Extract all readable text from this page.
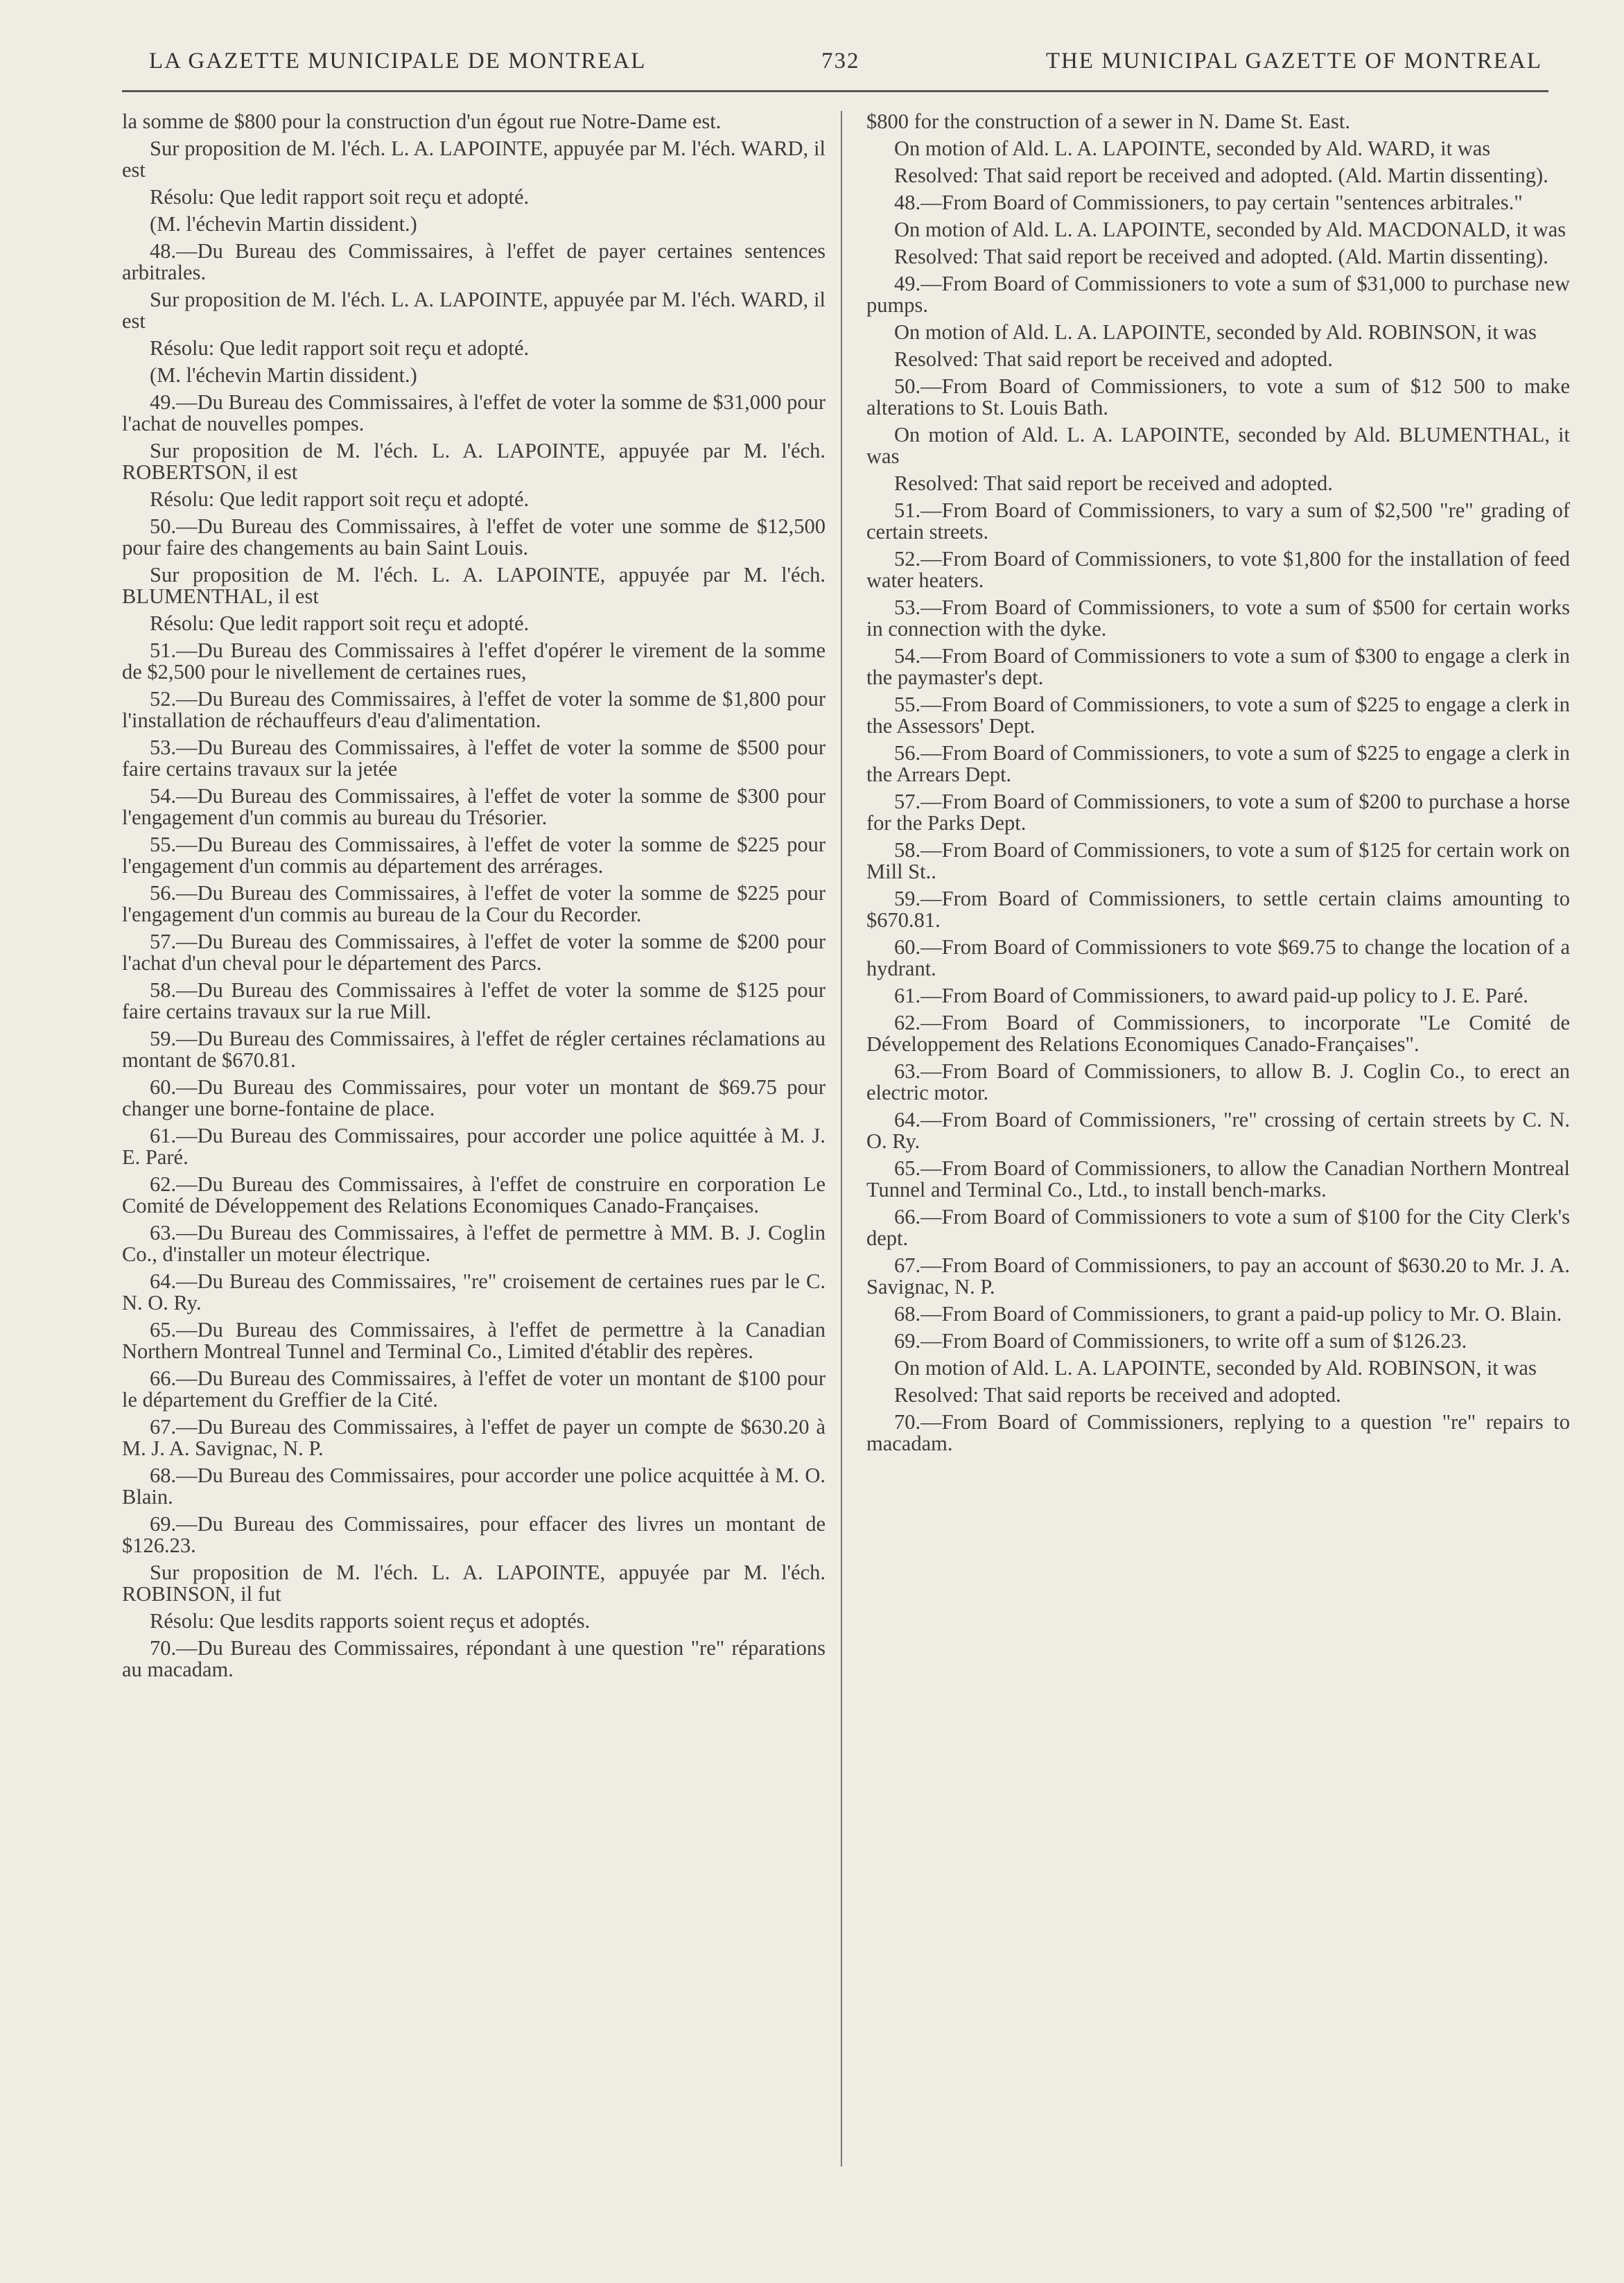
LA GAZETTE MUNICIPALE DE MONTREAL	732	THE MUNICIPAL GAZETTE OF MONTREAL

la somme de $800 pour la construction d'un égout rue Notre-Dame est.

Sur proposition de M. l'éch. L. A. LAPOINTE, appuyée par M. l'éch. WARD, il est

Résolu: Que ledit rapport soit reçu et adopté.

(M. l'échevin Martin dissident.)

48.—Du Bureau des Commissaires, à l'effet de payer certaines sentences arbitrales.

Sur proposition de M. l'éch. L. A. LAPOINTE, appuyée par M. l'éch. WARD, il est

Résolu: Que ledit rapport soit reçu et adopté.

(M. l'échevin Martin dissident.)

49.—Du Bureau des Commissaires, à l'effet de voter la somme de $31,000 pour l'achat de nouvelles pompes.

Sur proposition de M. l'éch. L. A. LAPOINTE, appuyée par M. l'éch. ROBERTSON, il est

Résolu: Que ledit rapport soit reçu et adopté.

50.—Du Bureau des Commissaires, à l'effet de voter une somme de $12,500 pour faire des changements au bain Saint Louis.

Sur proposition de M. l'éch. L. A. LAPOINTE, appuyée par M. l'éch. BLUMENTHAL, il est

Résolu: Que ledit rapport soit reçu et adopté.

51.—Du Bureau des Commissaires à l'effet d'opérer le virement de la somme de $2,500 pour le nivellement de certaines rues,

52.—Du Bureau des Commissaires, à l'effet de voter la somme de $1,800 pour l'installation de réchauffeurs d'eau d'alimentation.

53.—Du Bureau des Commissaires, à l'effet de voter la somme de $500 pour faire certains travaux sur la jetée

54.—Du Bureau des Commissaires, à l'effet de voter la somme de $300 pour l'engagement d'un commis au bureau du Trésorier.

55.—Du Bureau des Commissaires, à l'effet de voter la somme de $225 pour l'engagement d'un commis au département des arrérages.

56.—Du Bureau des Commissaires, à l'effet de voter la somme de $225 pour l'engagement d'un commis au bureau de la Cour du Recorder.

57.—Du Bureau des Commissaires, à l'effet de voter la somme de $200 pour l'achat d'un cheval pour le département des Parcs.

58.—Du Bureau des Commissaires à l'effet de voter la somme de $125 pour faire certains travaux sur la rue Mill.

59.—Du Bureau des Commissaires, à l'effet de régler certaines réclamations au montant de $670.81.

60.—Du Bureau des Commissaires, pour voter un montant de $69.75 pour changer une borne-fontaine de place.

61.—Du Bureau des Commissaires, pour accorder une police aquittée à M. J. E. Paré.

62.—Du Bureau des Commissaires, à l'effet de construire en corporation Le Comité de Développement des Relations Economiques Canado-Françaises.

63.—Du Bureau des Commissaires, à l'effet de permettre à MM. B. J. Coglin Co., d'installer un moteur électrique.

64.—Du Bureau des Commissaires, "re" croisement de certaines rues par le C. N. O. Ry.

65.—Du Bureau des Commissaires, à l'effet de permettre à la Canadian Northern Montreal Tunnel and Terminal Co., Limited d'établir des repères.

66.—Du Bureau des Commissaires, à l'effet de voter un montant de $100 pour le département du Greffier de la Cité.

67.—Du Bureau des Commissaires, à l'effet de payer un compte de $630.20 à M. J. A. Savignac, N. P.

68.—Du Bureau des Commissaires, pour accorder une police acquittée à M. O. Blain.

69.—Du Bureau des Commissaires, pour effacer des livres un montant de $126.23.

Sur proposition de M. l'éch. L. A. LAPOINTE, appuyée par M. l'éch. ROBINSON, il fut

Résolu: Que lesdits rapports soient reçus et adoptés.

70.—Du Bureau des Commissaires, répondant à une question "re" réparations au macadam.

$800 for the construction of a sewer in N. Dame St. East.

On motion of Ald. L. A. LAPOINTE, seconded by Ald. WARD, it was

Resolved: That said report be received and adopted. (Ald. Martin dissenting).

48.—From Board of Commissioners, to pay certain "sentences arbitrales."

On motion of Ald. L. A. LAPOINTE, seconded by Ald. MACDONALD, it was

Resolved: That said report be received and adopted. (Ald. Martin dissenting).

49.—From Board of Commissioners to vote a sum of $31,000 to purchase new pumps.

On motion of Ald. L. A. LAPOINTE, seconded by Ald. ROBINSON, it was

Resolved: That said report be received and adopted.

50.—From Board of Commissioners, to vote a sum of $12 500 to make alterations to St. Louis Bath.

On motion of Ald. L. A. LAPOINTE, seconded by Ald. BLUMENTHAL, it was

Resolved: That said report be received and adopted.

51.—From Board of Commissioners, to vary a sum of $2,500 "re" grading of certain streets.

52.—From Board of Commissioners, to vote $1,800 for the installation of feed water heaters.

53.—From Board of Commissioners, to vote a sum of $500 for certain works in connection with the dyke.

54.—From Board of Commissioners to vote a sum of $300 to engage a clerk in the paymaster's dept.

55.—From Board of Commissioners, to vote a sum of $225 to engage a clerk in the Assessors' Dept.

56.—From Board of Commissioners, to vote a sum of $225 to engage a clerk in the Arrears Dept.

57.—From Board of Commissioners, to vote a sum of $200 to purchase a horse for the Parks Dept.

58.—From Board of Commissioners, to vote a sum of $125 for certain work on Mill St..

59.—From Board of Commissioners, to settle certain claims amounting to $670.81.

60.—From Board of Commissioners to vote $69.75 to change the location of a hydrant.

61.—From Board of Commissioners, to award paid-up policy to J. E. Paré.

62.—From Board of Commissioners, to incorporate "Le Comité de Développement des Relations Economiques Canado-Françaises".

63.—From Board of Commissioners, to allow B. J. Coglin Co., to erect an electric motor.

64.—From Board of Commissioners, "re" crossing of certain streets by C. N. O. Ry.

65.—From Board of Commissioners, to allow the Canadian Northern Montreal Tunnel and Terminal Co., Ltd., to install bench-marks.

66.—From Board of Commissioners to vote a sum of $100 for the City Clerk's dept.

67.—From Board of Commissioners, to pay an account of $630.20 to Mr. J. A. Savignac, N. P.

68.—From Board of Commissioners, to grant a paid-up policy to Mr. O. Blain.

69.—From Board of Commissioners, to write off a sum of $126.23.

On motion of Ald. L. A. LAPOINTE, seconded by Ald. ROBINSON, it was

Resolved: That said reports be received and adopted.

70.—From Board of Commissioners, replying to a question "re" repairs to macadam.
